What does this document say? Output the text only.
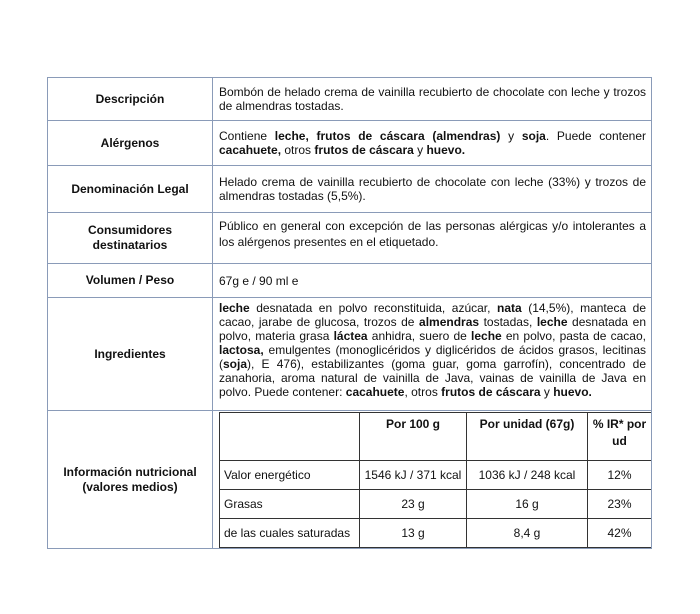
Descripción	Bombón de helado crema de vainilla recubierto de chocolate con leche y trozos de almendras tostadas.
Alérgenos	Contiene leche, frutos de cáscara (almendras) y soja. Puede contener cacahuete, otros frutos de cáscara y huevo.
Denominación Legal	Helado crema de vainilla recubierto de chocolate con leche (33%) y trozos de almendras tostadas (5,5%).
Consumidores
destinatarios	Público en general con excepción de las personas alérgicas y/o intolerantes a los alérgenos presentes en el etiquetado.
Volumen / Peso	67g e / 90 ml e
Ingredientes	leche desnatada en polvo reconstituida, azúcar, nata (14,5%), manteca de cacao, jarabe de glucosa, trozos de almendras tostadas, leche desnatada en polvo, materia grasa láctea anhidra, suero de leche en polvo, pasta de cacao, lactosa, emulgentes (monoglicéridos y diglicéridos de ácidos grasos, lecitinas (soja), E 476), estabilizantes (goma guar, goma garrofín), concentrado de zanahoria, aroma natural de vainilla de Java, vainas de vainilla de Java en polvo. Puede contener: cacahuete, otros frutos de cáscara y huevo.
Información nutricional
(valores medios)	
	Por 100 g	Por unidad (67g)	% IR* por ud
Valor energético	1546 kJ / 371 kcal	1036 kJ / 248 kcal	12%
Grasas	23 g	16 g	23%
de las cuales saturadas	13 g	8,4 g	42%
